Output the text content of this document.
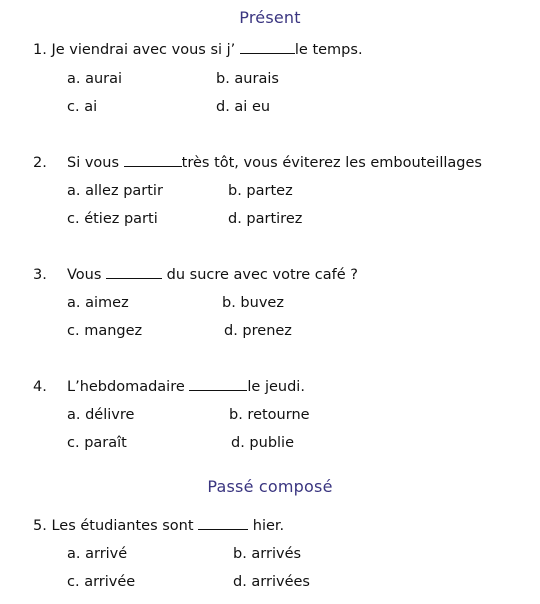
Présent
1. Je viendrai avec vous si j’	le temps.
a. aurai	b. aurais
c. ai	d. ai eu
2. Si vous	très tôt, vous éviterez les embouteillages
a. allez partir	b. partez
c. étiez parti	d. partirez
3. Vous	du sucre avec votre café ?
a. aimez	b. buvez
c. mangez	d. prenez
4. L’hebdomadaire	le jeudi.
a. délivre	b. retourne
c. paraît	d. publie
Passé composé
5. Les étudiantes sont	hier.
a. arrivé	b. arrivés
c. arrivée	d. arrivées
